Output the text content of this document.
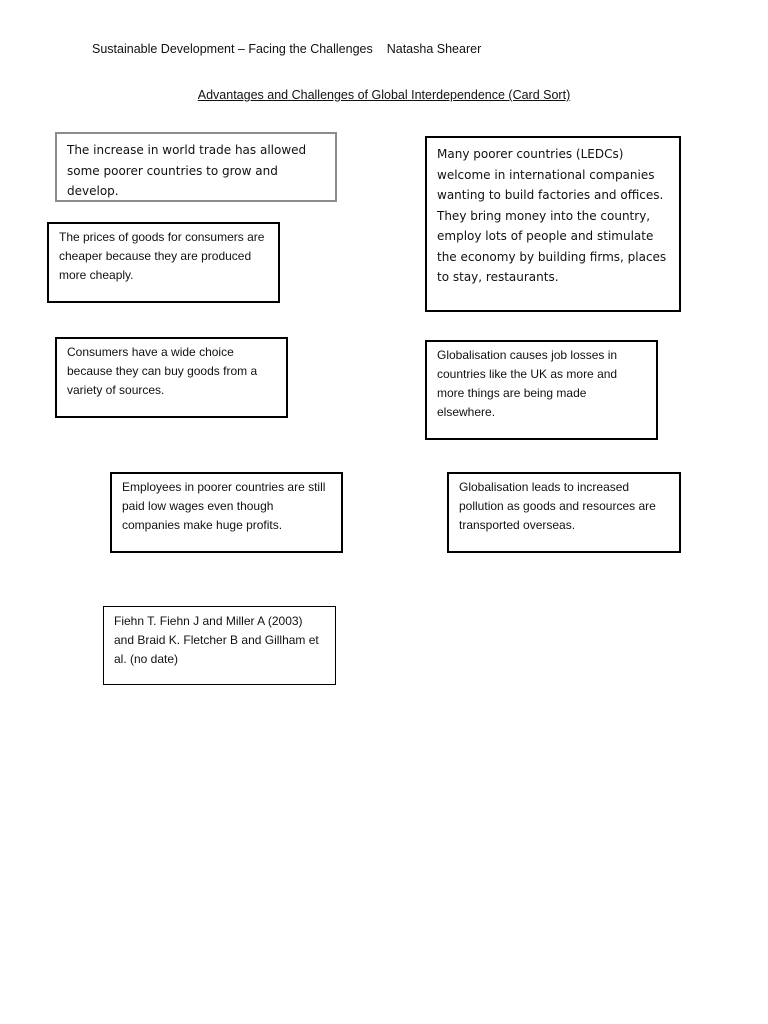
Sustainable Development – Facing the Challenges Natasha Shearer
Advantages and Challenges of Global Interdependence (Card Sort)
The increase in world trade has allowed some poorer countries to grow and develop.
Many poorer countries (LEDCs) welcome in international companies wanting to build factories and offices. They bring money into the country, employ lots of people and stimulate the economy by building firms, places to stay, restaurants.
The prices of goods for consumers are cheaper because they are produced more cheaply.
Consumers have a wide choice because they can buy goods from a variety of sources.
Globalisation causes job losses in countries like the UK as more and more things are being made elsewhere.
Employees in poorer countries are still paid low wages even though companies make huge profits.
Globalisation leads to increased pollution as goods and resources are transported overseas.
Fiehn T. Fiehn J and Miller A (2003) and Braid K. Fletcher B and Gillham et al. (no date)
